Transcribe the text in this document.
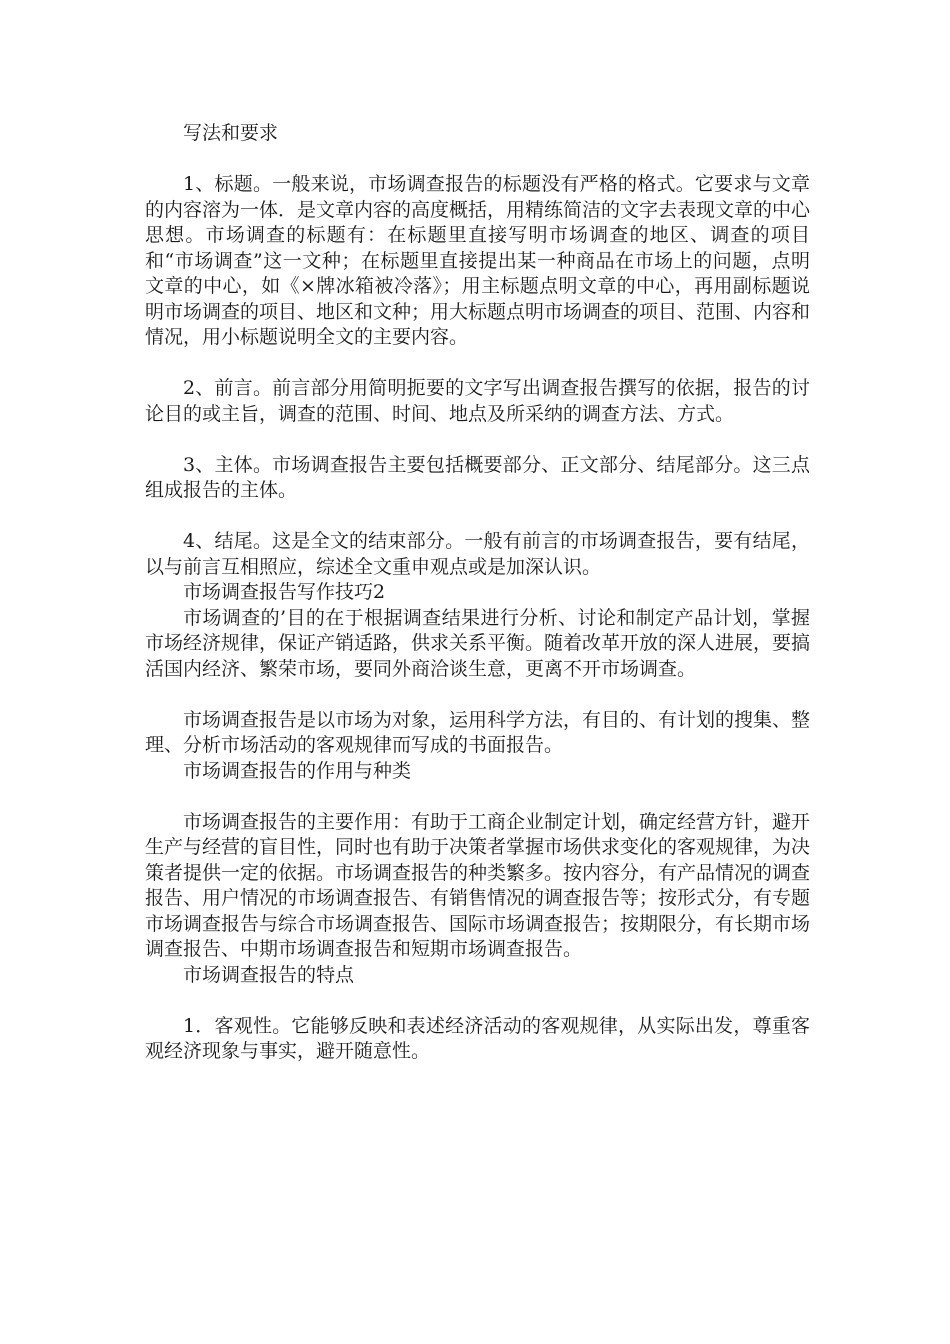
写法和要求

1、标题。一般来说，市场调查报告的标题没有严格的格式。它要求与文章的内容溶为一体．是文章内容的高度概括，用精练简洁的文字去表现文章的中心思想。市场调查的标题有：在标题里直接写明市场调查的地区、调查的项目和“市场调查”这一文种；在标题里直接提出某一种商品在市场上的问题，点明文章的中心，如《×牌冰箱被冷落》；用主标题点明文章的中心，再用副标题说明市场调查的项目、地区和文种；用大标题点明市场调查的项目、范围、内容和情况，用小标题说明全文的主要内容。

2、前言。前言部分用简明扼要的文字写出调查报告撰写的依据，报告的讨论目的或主旨，调查的范围、时间、地点及所采纳的调查方法、方式。

3、主体。市场调查报告主要包括概要部分、正文部分、结尾部分。这三点组成报告的主体。

4、结尾。这是全文的结束部分。一般有前言的市场调查报告，要有结尾，以与前言互相照应，综述全文重申观点或是加深认识。

市场调查报告写作技巧2

市场调查的’目的在于根据调查结果进行分析、讨论和制定产品计划，掌握市场经济规律，保证产销适路，供求关系平衡。随着改革开放的深人进展，要搞活国内经济、繁荣市场，要同外商洽谈生意，更离不开市场调查。

市场调查报告是以市场为对象，运用科学方法，有目的、有计划的搜集、整理、分析市场活动的客观规律而写成的书面报告。

市场调查报告的作用与种类

市场调查报告的主要作用：有助于工商企业制定计划，确定经营方针，避开生产与经营的盲目性，同时也有助于决策者掌握市场供求变化的客观规律，为决策者提供一定的依据。市场调查报告的种类繁多。按内容分，有产品情况的调查报告、用户情况的市场调查报告、有销售情况的调查报告等；按形式分，有专题市场调查报告与综合市场调查报告、国际市场调查报告；按期限分，有长期市场调查报告、中期市场调查报告和短期市场调查报告。

市场调查报告的特点

1．客观性。它能够反映和表述经济活动的客观规律，从实际出发，尊重客观经济现象与事实，避开随意性。
